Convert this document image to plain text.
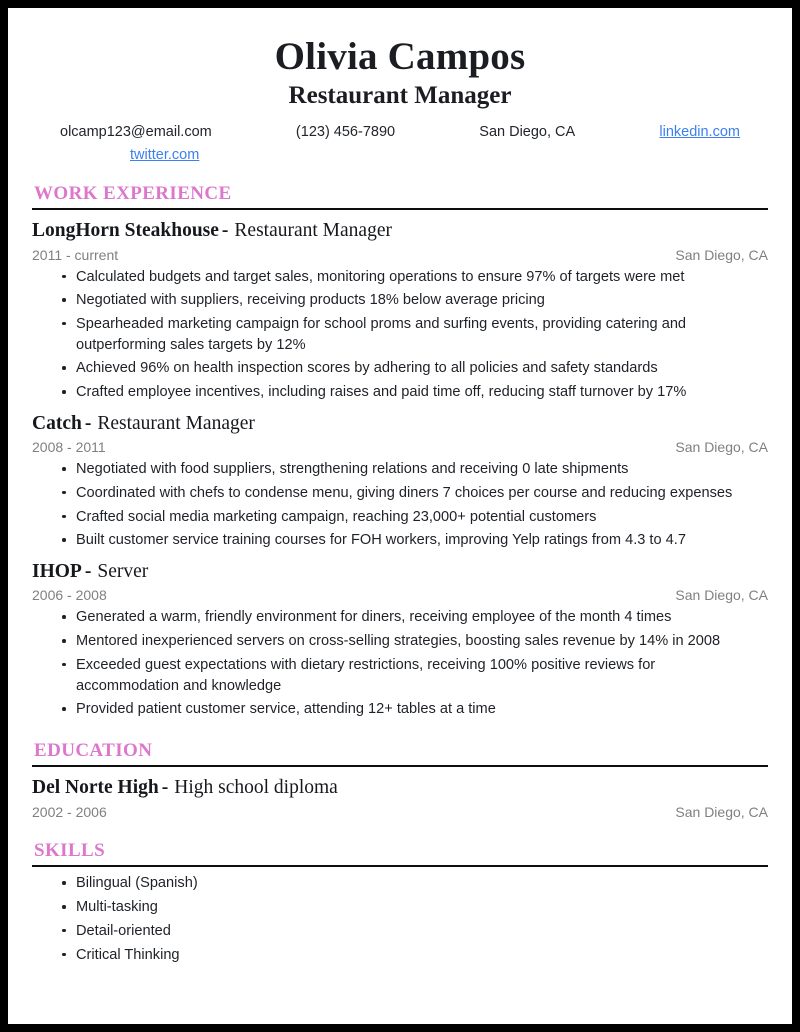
Olivia Campos
Restaurant Manager
olcamp123@email.com	(123) 456-7890	San Diego, CA	linkedin.com
twitter.com
WORK EXPERIENCE

LongHorn Steakhouse - Restaurant Manager

2011 - current	San Diego, CA
Calculated budgets and target sales, monitoring operations to ensure 97% of targets were met
Negotiated with suppliers, receiving products 18% below average pricing
Spearheaded marketing campaign for school proms and surfing events, providing catering and outperforming sales targets by 12%
Achieved 96% on health inspection scores by adhering to all policies and safety standards
Crafted employee incentives, including raises and paid time off, reducing staff turnover by 17%

Catch - Restaurant Manager

2008 - 2011	San Diego, CA
Negotiated with food suppliers, strengthening relations and receiving 0 late shipments
Coordinated with chefs to condense menu, giving diners 7 choices per course and reducing expenses
Crafted social media marketing campaign, reaching 23,000+ potential customers
Built customer service training courses for FOH workers, improving Yelp ratings from 4.3 to 4.7

IHOP - Server

2006 - 2008	San Diego, CA
Generated a warm, friendly environment for diners, receiving employee of the month 4 times
Mentored inexperienced servers on cross-selling strategies, boosting sales revenue by 14% in 2008
Exceeded guest expectations with dietary restrictions, receiving 100% positive reviews for accommodation and knowledge
Provided patient customer service, attending 12+ tables at a time
EDUCATION

Del Norte High - High school diploma

2002 - 2006	San Diego, CA
SKILLS
Bilingual (Spanish)
Multi-tasking
Detail-oriented
Critical Thinking
